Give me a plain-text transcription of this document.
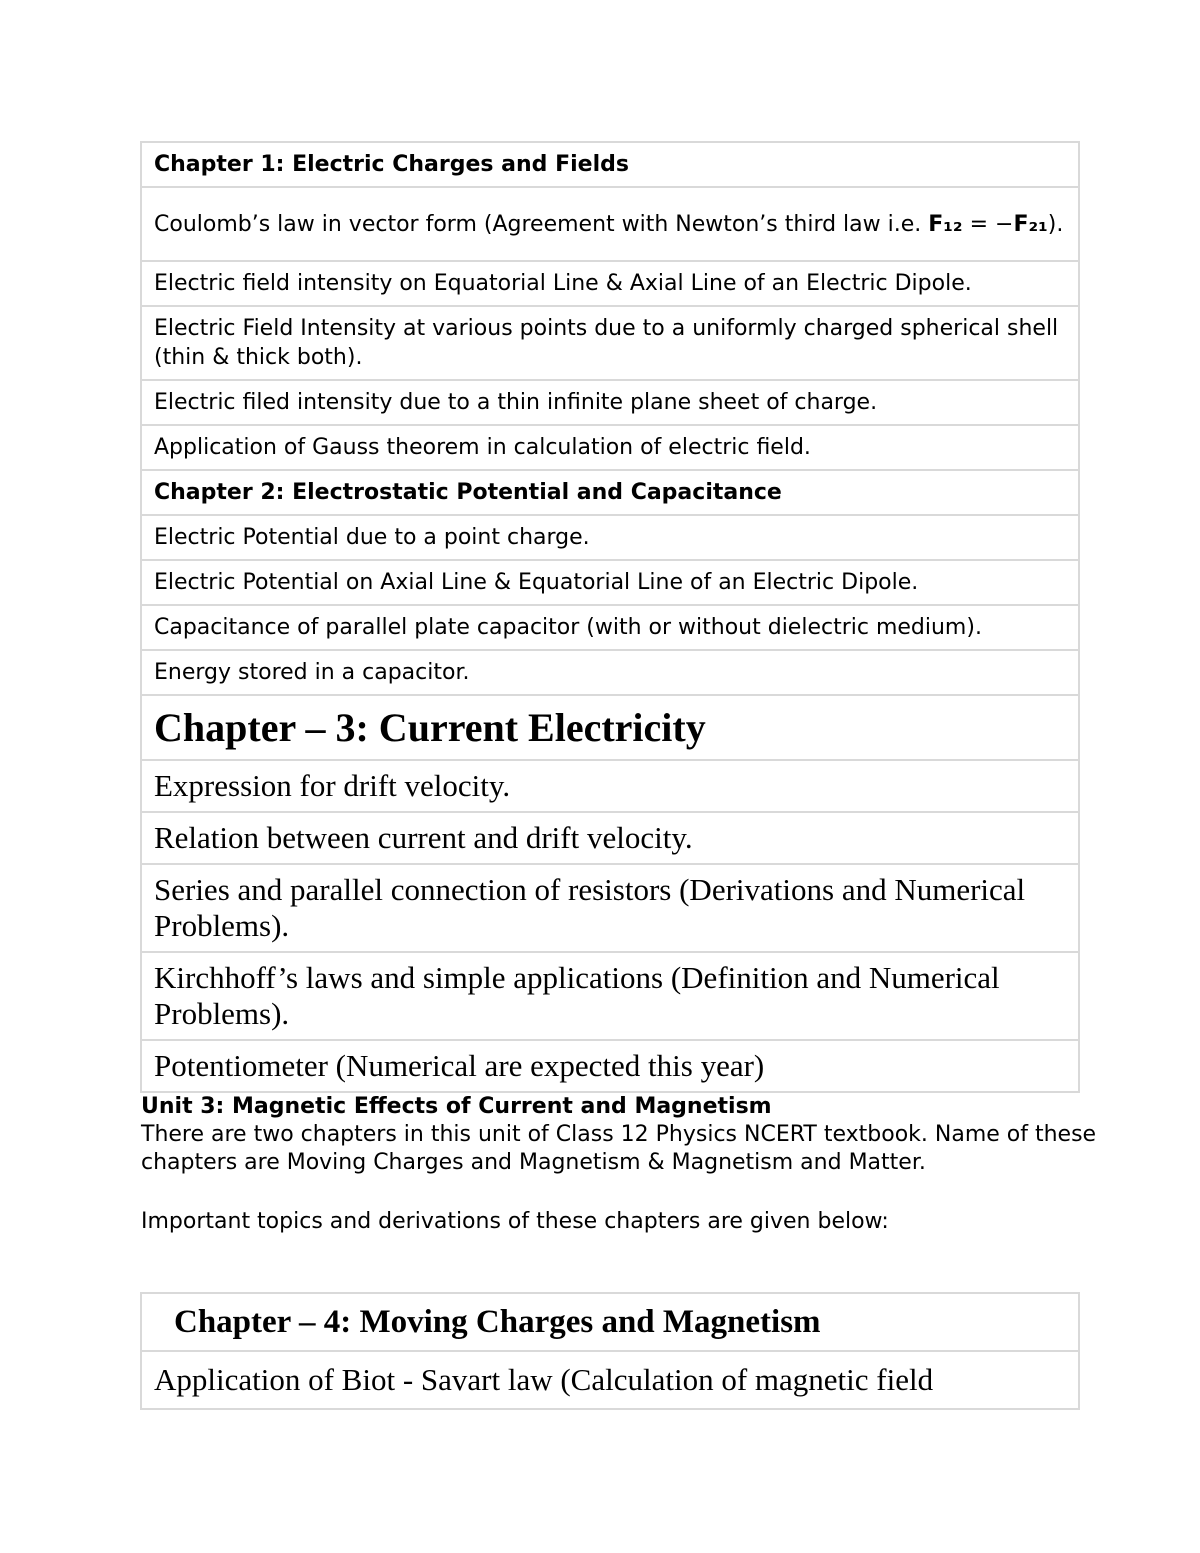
Chapter 1: Electric Charges and Fields
Coulomb’s law in vector form (Agreement with Newton’s third law i.e. F₁₂ = −F₂₁).
Electric field intensity on Equatorial Line & Axial Line of an Electric Dipole.
Electric Field Intensity at various points due to a uniformly charged spherical shell (thin & thick both).
Electric filed intensity due to a thin infinite plane sheet of charge.
Application of Gauss theorem in calculation of electric field.
Chapter 2: Electrostatic Potential and Capacitance
Electric Potential due to a point charge.
Electric Potential on Axial Line & Equatorial Line of an Electric Dipole.
Capacitance of parallel plate capacitor (with or without dielectric medium).
Energy stored in a capacitor.
Chapter – 3: Current Electricity
Expression for drift velocity.
Relation between current and drift velocity.
Series and parallel connection of resistors (Derivations and Numerical Problems).
Kirchhoff’s laws and simple applications (Definition and Numerical Problems).
Potentiometer (Numerical are expected this year)

Unit 3: Magnetic Effects of Current and Magnetism

There are two chapters in this unit of Class 12 Physics NCERT textbook. Name of these chapters are Moving Charges and Magnetism & Magnetism and Matter.

Important topics and derivations of these chapters are given below:

Chapter – 4: Moving Charges and Magnetism
Application of Biot - Savart law (Calculation of magnetic field
